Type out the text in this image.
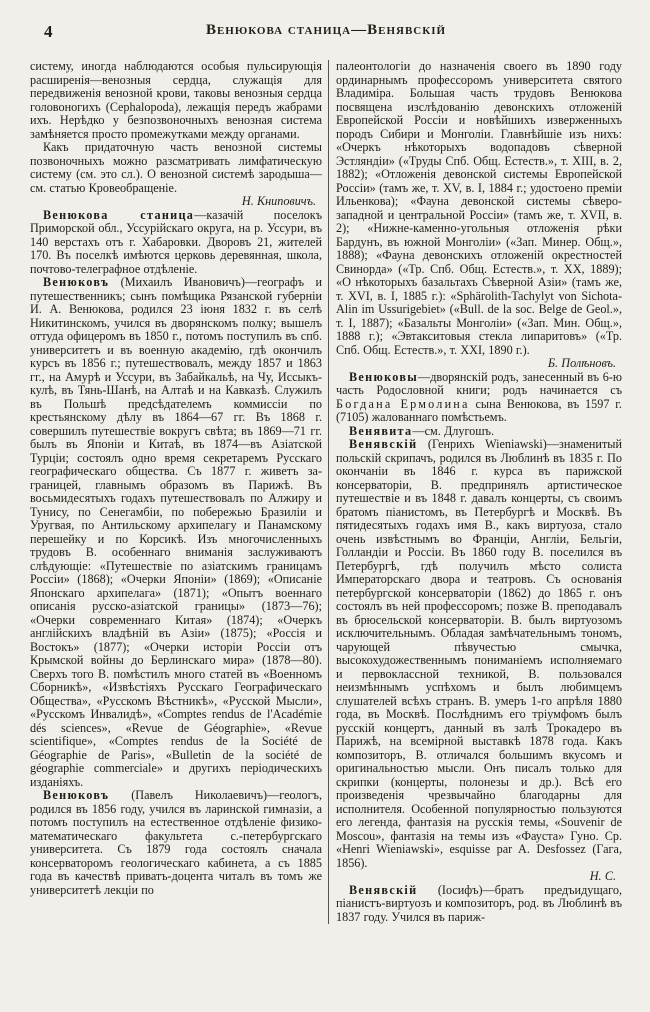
4	Венюкова станица—Венявскій

систему, иногда наблюдаются особыя пульсирующія расширенія—венозныя сердца, служащія для передвиженія венозной крови, таковы венозныя сердца головоногихъ (Cephalopoda), лежащія передъ жабрами ихъ. Нерѣдко у безпозвоночныхъ венозная система замѣняется просто промежутками между органами.

Какъ придаточную часть венозной системы позвоночныхъ можно разсматривать лимфатическую систему (см. это сл.). О венозной системѣ зародыша—см. статью Кровеобращеніе.

Н. Книповичъ.

Венюкова станица—казачій поселокъ Приморской обл., Уссурійскаго округа, на р. Уссури, въ 140 верстахъ отъ г. Хабаровки. Дворовъ 21, жителей 170. Въ поселкѣ имѣются церковь деревянная, школа, почтово-телеграфное отдѣленіе.

Венюковъ (Михаилъ Ивановичъ)—географъ и путешественникъ; сынъ помѣщика Рязанской губерніи И. А. Венюкова, родился 23 іюня 1832 г. въ селѣ Никитинскомъ, учился въ дворянскомъ полку; вышелъ оттуда офицеромъ въ 1850 г., потомъ поступилъ въ спб. университетъ и въ военную академію, гдѣ окончилъ курсъ въ 1856 г.; путешествовалъ, между 1857 и 1863 гг., на Амурѣ и Уссури, въ Забайкальѣ, на Чу, Иссыкъ-кулѣ, въ Тянь-Шанѣ, на Алтаѣ и на Кавказѣ. Служилъ въ Польшѣ предсѣдателемъ коммиссіи по крестьянскому дѣлу въ 1864—67 гг. Въ 1868 г. совершилъ путешествіе вокругъ свѣта; въ 1869—71 гг. былъ въ Японіи и Китаѣ, въ 1874—въ Азіатской Турціи; состоялъ одно время секретаремъ Русскаго географическаго общества. Съ 1877 г. живетъ за-границей, главнымъ образомъ въ Парижѣ. Въ восьмидесятыхъ годахъ путешествовалъ по Алжиру и Тунису, по Сенегамбіи, по побережью Бразиліи и Уругвая, по Антильскому архипелагу и Панамскому перешейку и по Корсикѣ. Изъ многочисленныхъ трудовъ В. особеннаго вниманія заслуживаютъ слѣдующіе: «Путешествіе по азіатскимъ границамъ Россіи» (1868); «Очерки Японіи» (1869); «Описаніе Японскаго архипелага» (1871); «Опытъ военнаго описанія русско-азіатской границы» (1873—76); «Очерки современнаго Китая» (1874); «Очеркъ англійскихъ владѣній въ Азіи» (1875); «Россія и Востокъ» (1877); «Очерки исторіи Россіи отъ Крымской войны до Берлинскаго мира» (1878—80). Сверхъ того В. помѣстилъ много статей въ «Военномъ Сборникѣ», «Извѣстіяхъ Русскаго Географическаго Общества», «Русскомъ Вѣстникѣ», «Русской Мысли», «Русскомъ Инвалидѣ», «Comptes rendus de l'Académie dés sciences», «Revue de Géographie», «Revue scientifique», «Comptes rendus de la Société de Géographie de Paris», «Bulletin de la société de géographie commerciale» и другихъ періодическихъ изданіяхъ.

Венюковъ (Павелъ Николаевичъ)—геологъ, родился въ 1856 году, учился въ ларинской гимназіи, а потомъ поступилъ на естественное отдѣленіе физико-математическаго факультета с.-петербургскаго университета. Съ 1879 года состоялъ сначала консерваторомъ геологическаго кабинета, а съ 1885 года въ качествѣ приватъ-доцента читалъ въ томъ же университетѣ лекціи по

палеонтологіи до назначенія своего въ 1890 году ординарнымъ профессоромъ университета святого Владиміра. Большая часть трудовъ Венюкова посвящена изслѣдованію девонскихъ отложеній Европейской Россіи и новѣйшихъ изверженныхъ породъ Сибири и Монголіи. Главнѣйшіе изъ нихъ: «Очеркъ нѣкоторыхъ водопадовъ сѣверной Эстляндіи» («Труды Спб. Общ. Естеств.», т. XIII, в. 2, 1882); «Отложенія девонской системы Европейской Россіи» (тамъ же, т. XV, в. I, 1884 г.; удостоено преміи Ильенкова); «Фауна девонской системы сѣверо-западной и центральной Россіи» (тамъ же, т. XVII, в. 2); «Нижне-каменно-угольныя отложенія рѣки Бардунъ, въ южной Монголіи» («Зап. Минер. Общ.», 1888); «Фауна девонскихъ отложеній окрестностей Свинорда» («Тр. Спб. Общ. Естеств.», т. XX, 1889); «О нѣкоторыхъ базальтахъ Сѣверной Азіи» (тамъ же, т. XVI, в. I, 1885 г.): «Sphärolith-Tachylyt von Sichota-Alin im Ussurigebiet» («Bull. de la soc. Belge de Geol.», т. I, 1887); «Базальты Монголіи» («Зап. Мин. Общ.», 1888 г.); «Эвтакситовыя стекла липаритовъ» («Тр. Спб. Общ. Естеств.», т. XXI, 1890 г.).

Б. Полѣновъ.

Венюковы—дворянскій родъ, занесенный въ 6-ю часть Родословной книги; родъ начинается съ Богдана Ермолина сына Венюкова, въ 1597 г. (7105) жалованнаго помѣстьемъ.

Венявита—см. Длугошъ.

Венявскій (Генрихъ Wieniawski)—знаменитый польскій скрипачъ, родился въ Люблинѣ въ 1835 г. По окончаніи въ 1846 г. курса въ парижской консерваторіи, В. предпринялъ артистическое путешествіе и въ 1848 г. давалъ концерты, съ своимъ братомъ піанистомъ, въ Петербургѣ и Москвѣ. Въ пятидесятыхъ годахъ имя В., какъ виртуоза, стало очень извѣстнымъ во Франціи, Англіи, Бельгіи, Голландіи и Россіи. Въ 1860 году В. поселился въ Петербургѣ, гдѣ получилъ мѣсто солиста Императорскаго двора и театровъ. Съ основанія петербургской консерваторіи (1862) до 1865 г. онъ состоялъ въ ней профессоромъ; позже В. преподавалъ въ брюсельской консерваторіи. В. былъ виртуозомъ исключительнымъ. Обладая замѣчательнымъ тономъ, чарующей пѣвучестью смычка, высокохудожественнымъ пониманіемъ исполняемаго и первоклассной техникой, В. пользовался неизмѣннымъ успѣхомъ и былъ любимцемъ слушателей всѣхъ странъ. В. умеръ 1-го апрѣля 1880 года, въ Москвѣ. Послѣднимъ его тріумфомъ былъ русскій концертъ, данный въ залѣ Трокадеро въ Парижѣ, на всемірной выставкѣ 1878 года. Какъ композиторъ, В. отличался большимъ вкусомъ и оригинальностью мысли. Онъ писалъ только для скрипки (концерты, полонезы и др.). Всѣ его произведенія чрезвычайно благодарны для исполнителя. Особенной популярностью пользуются его легенда, фантазія на русскія темы, «Souvenir de Moscou», фантазія на темы изъ «Фауста» Гуно. Ср. «Henri Wieniawski», esquisse par A. Desfossez (Гага, 1856).

Н. С.

Венявскій (Іосифъ)—братъ предъидущаго, піанистъ-виртуозъ и композиторъ, род. въ Люблинѣ въ 1837 году. Учился въ париж-
